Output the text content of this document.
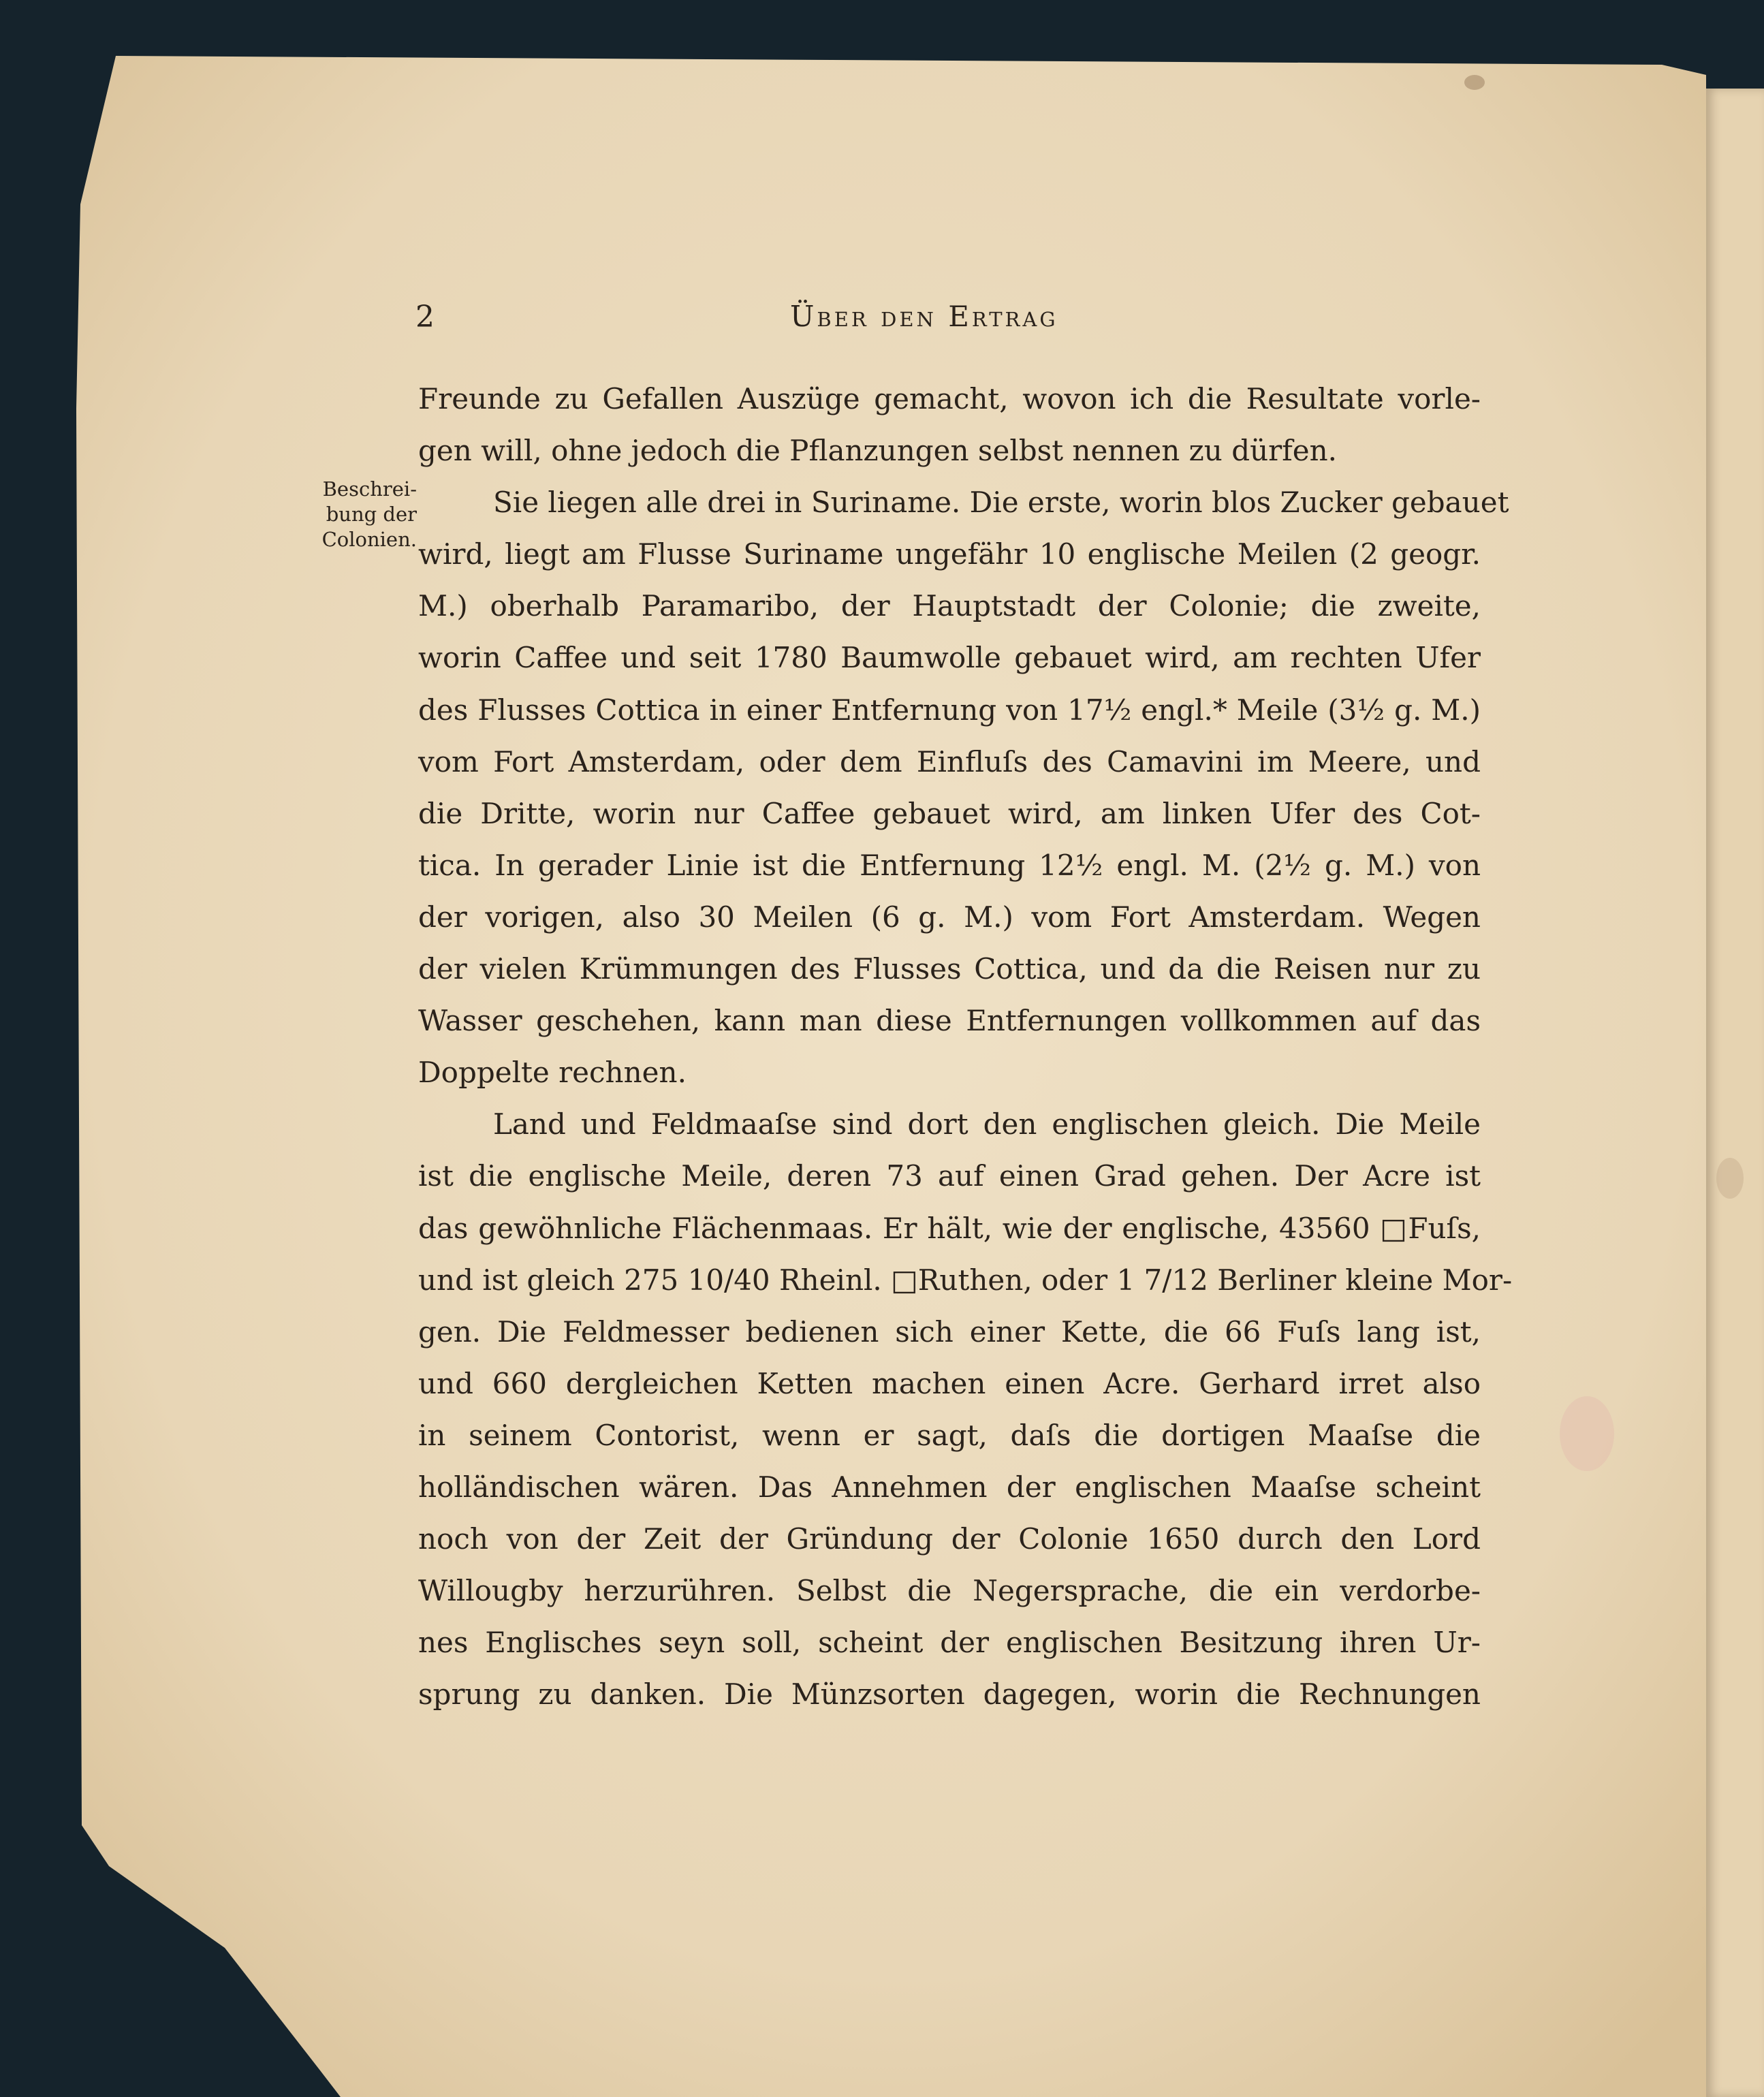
2	Über den Ertrag
Beschrei-
bung der
Colonien.
Freunde zu Gefallen Auszüge gemacht, wovon ich die Resultate vorle-
gen will, ohne jedoch die Pflanzungen selbst nennen zu dürfen.
Sie liegen alle drei in Suriname. Die erste, worin blos Zucker gebauet
wird, liegt am Flusse Suriname ungefähr 10 englische Meilen (2 geogr.
M.) oberhalb Paramaribo, der Hauptstadt der Colonie; die zweite,
worin Caffee und seit 1780 Baumwolle gebauet wird, am rechten Ufer
des Flusses Cottica in einer Entfernung von 17½ engl.* Meile (3½ g. M.)
vom Fort Amsterdam, oder dem Einfluſs des Camavini im Meere, und
die Dritte, worin nur Caffee gebauet wird, am linken Ufer des Cot-
tica. In gerader Linie ist die Entfernung 12½ engl. M. (2½ g. M.) von
der vorigen, also 30 Meilen (6 g. M.) vom Fort Amsterdam. Wegen
der vielen Krümmungen des Flusses Cottica, und da die Reisen nur zu
Wasser geschehen, kann man diese Entfernungen vollkommen auf das
Doppelte rechnen.
Land und Feldmaaſse sind dort den englischen gleich. Die Meile
ist die englische Meile, deren 73 auf einen Grad gehen. Der Acre ist
das gewöhnliche Flächenmaas. Er hält, wie der englische, 43560 □Fuſs,
und ist gleich 275 10/40 Rheinl. □Ruthen, oder 1 7/12 Berliner kleine Mor-
gen. Die Feldmesser bedienen sich einer Kette, die 66 Fuſs lang ist,
und 660 dergleichen Ketten machen einen Acre. Gerhard irret also
in seinem Contorist, wenn er sagt, daſs die dortigen Maaſse die
holländischen wären. Das Annehmen der englischen Maaſse scheint
noch von der Zeit der Gründung der Colonie 1650 durch den Lord
Willougby herzurühren. Selbst die Negersprache, die ein verdorbe-
nes Englisches seyn soll, scheint der englischen Besitzung ihren Ur-
sprung zu danken. Die Münzsorten dagegen, worin die Rechnungen
